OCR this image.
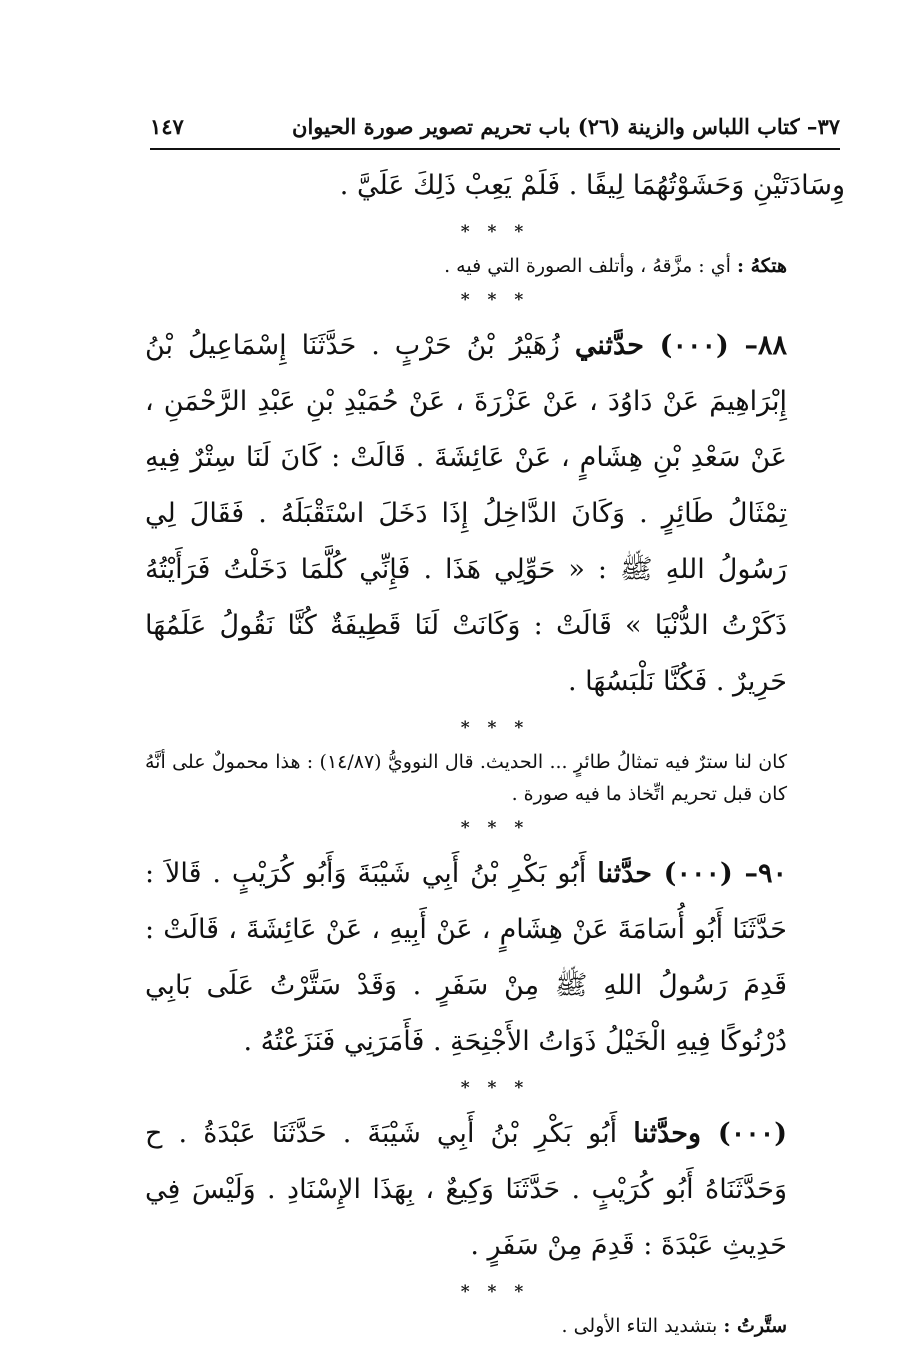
٣٧– كتاب اللباس والزينة (٢٦) باب تحريم تصوير صورة الحيوان
١٤٧

وِسَادَتَيْنِ وَحَشَوْتُهُمَا لِيفًا . فَلَمْ يَعِبْ ذَلِكَ عَلَيَّ .

* * *

هتكهُ : أي : مزَّقهُ ، وأتلف الصورة التي فيه .

* * *

٨٨– (٠٠٠) حدَّثني زُهَيْرُ بْنُ حَرْبٍ . حَدَّثَنَا إِسْمَاعِيلُ بْنُ إِبْرَاهِيمَ عَنْ دَاوُدَ ، عَنْ عَزْرَةَ ، عَنْ حُمَيْدِ بْنِ عَبْدِ الرَّحْمَنِ ، عَنْ سَعْدِ بْنِ هِشَامٍ ، عَنْ عَائِشَةَ . قَالَتْ : كَانَ لَنَا سِتْرٌ فِيهِ تِمْثَالُ طَائِرٍ . وَكَانَ الدَّاخِلُ إِذَا دَخَلَ اسْتَقْبَلَهُ . فَقَالَ لِي رَسُولُ اللهِ ﷺ : « حَوِّلِي هَذَا . فَإِنِّي كُلَّمَا دَخَلْتُ فَرَأَيْتُهُ ذَكَرْتُ الدُّنْيَا » قَالَتْ : وَكَانَتْ لَنَا قَطِيفَةٌ كُنَّا نَقُولُ عَلَمُهَا حَرِيرٌ . فَكُنَّا نَلْبَسُهَا .

* * *

كان لنا سترٌ فيه تمثالُ طائرٍ ... الحديث. قال النوويُّ (١٤/٨٧) : هذا محمولٌ على أنَّهُ كان قبل تحريم اتِّخاذ ما فيه صورة .

* * *

٩٠– (٠٠٠) حدَّثنا أَبُو بَكْرِ بْنُ أَبِي شَيْبَةَ وَأَبُو كُرَيْبٍ . قَالاَ : حَدَّثَنَا أَبُو أُسَامَةَ عَنْ هِشَامٍ ، عَنْ أَبِيهِ ، عَنْ عَائِشَةَ ، قَالَتْ : قَدِمَ رَسُولُ اللهِ ﷺ مِنْ سَفَرٍ . وَقَدْ سَتَّرْتُ عَلَى بَابِي دُرْنُوكًا فِيهِ الْخَيْلُ ذَوَاتُ الأَجْنِحَةِ . فَأَمَرَنِي فَنَزَعْتُهُ .

* * *

(٠٠٠) وحدَّثنا أَبُو بَكْرِ بْنُ أَبِي شَيْبَةَ . حَدَّثَنَا عَبْدَةُ . ح وَحَدَّثَنَاهُ أَبُو كُرَيْبٍ . حَدَّثَنَا وَكِيعٌ ، بِهَذَا الإِسْنَادِ . وَلَيْسَ فِي حَدِيثِ عَبْدَةَ : قَدِمَ مِنْ سَفَرٍ .

* * *

ستَّرتُ : بتشديد التاء الأولى .
